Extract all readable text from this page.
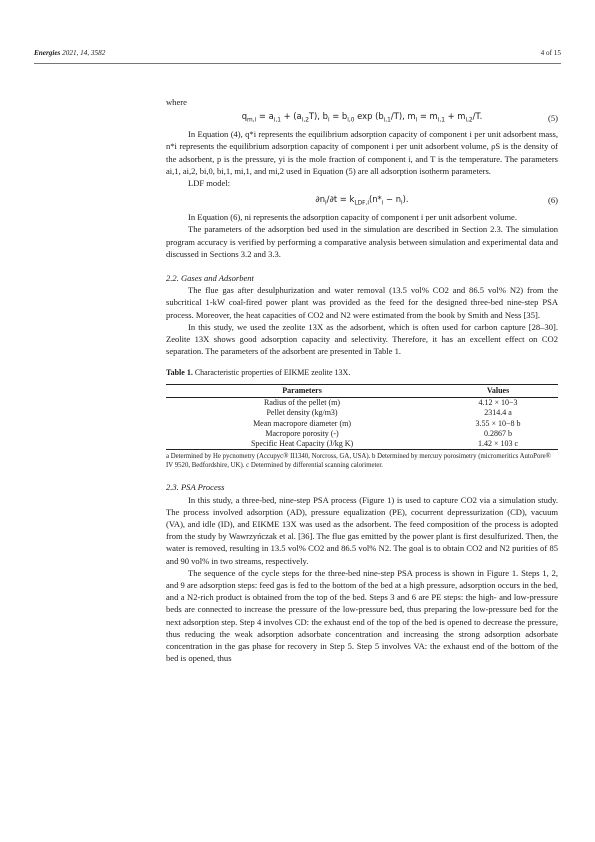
Energies 2021, 14, 3582	4 of 15

where

$q_{m,i} = a_{i,1} + (a_{i,2}T)$, $b_i = b_{i,0}$ $\exp (b_{i,1}/T)$, $m_i = m_{i,1} + m_{i,2}/T$.	(5)

In Equation (4), q*i represents the equilibrium adsorption capacity of component i per unit adsorbent mass, n*i represents the equilibrium adsorption capacity of component i per unit adsorbent volume, ρS is the density of the adsorbent, p is the pressure, yi is the mole fraction of component i, and T is the temperature. The parameters ai,1, ai,2, bi,0, bi,1, mi,1, and mi,2 used in Equation (5) are all adsorption isotherm parameters.

LDF model:

$\partial n_i/\partial t = k_{LDF,i}(n*_i - n_i)$.	(6)

In Equation (6), ni represents the adsorption capacity of component i per unit adsorbent volume.

The parameters of the adsorption bed used in the simulation are described in Section 2.3. The simulation program accuracy is verified by performing a comparative analysis between simulation and experimental data and discussed in Sections 3.2 and 3.3.

2.2. Gases and Adsorbent

The flue gas after desulphurization and water removal (13.5 vol% CO2 and 86.5 vol% N2) from the subcritical 1-kW coal-fired power plant was provided as the feed for the designed three-bed nine-step PSA process. Moreover, the heat capacities of CO2 and N2 were estimated from the book by Smith and Ness [35].

In this study, we used the zeolite 13X as the adsorbent, which is often used for carbon capture [28–30]. Zeolite 13X shows good adsorption capacity and selectivity. Therefore, it has an excellent effect on CO2 separation. The parameters of the adsorbent are presented in Table 1.

Table 1. Characteristic properties of EIKME zeolite 13X.

Parameters	Values
Radius of the pellet (m)	4.12 × 10−3
Pellet density (kg/m3)	2314.4 a
Mean macropore diameter (m)	3.55 × 10−8 b
Macropore porosity (-)	0.2867 b
Specific Heat Capacity (J/kg K)	1.42 × 103 c

a Determined by He pycnometry (Accupyc® II1340, Norcross, GA, USA). b Determined by mercury porosimetry (micromeritics AutoPore® IV 9520, Bedfordshire, UK). c Determined by differential scanning calorimeter.

2.3. PSA Process

In this study, a three-bed, nine-step PSA process (Figure 1) is used to capture CO2 via a simulation study. The process involved adsorption (AD), pressure equalization (PE), cocurrent depressurization (CD), vacuum (VA), and idle (ID), and EIKME 13X was used as the adsorbent. The feed composition of the process is adopted from the study by Wawrzyńczak et al. [36]. The flue gas emitted by the power plant is first desulfurized. Then, the water is removed, resulting in 13.5 vol% CO2 and 86.5 vol% N2. The goal is to obtain CO2 and N2 purities of 85 and 90 vol% in two streams, respectively.

The sequence of the cycle steps for the three-bed nine-step PSA process is shown in Figure 1. Steps 1, 2, and 9 are adsorption steps: feed gas is fed to the bottom of the bed at a high pressure, adsorption occurs in the bed, and a N2-rich product is obtained from the top of the bed. Steps 3 and 6 are PE steps: the high- and low-pressure beds are connected to increase the pressure of the low-pressure bed, thus preparing the low-pressure bed for the next adsorption step. Step 4 involves CD: the exhaust end of the top of the bed is opened to decrease the pressure, thus reducing the weak adsorption adsorbate concentration and increasing the strong adsorption adsorbate concentration in the gas phase for recovery in Step 5. Step 5 involves VA: the exhaust end of the bottom of the bed is opened, thus
